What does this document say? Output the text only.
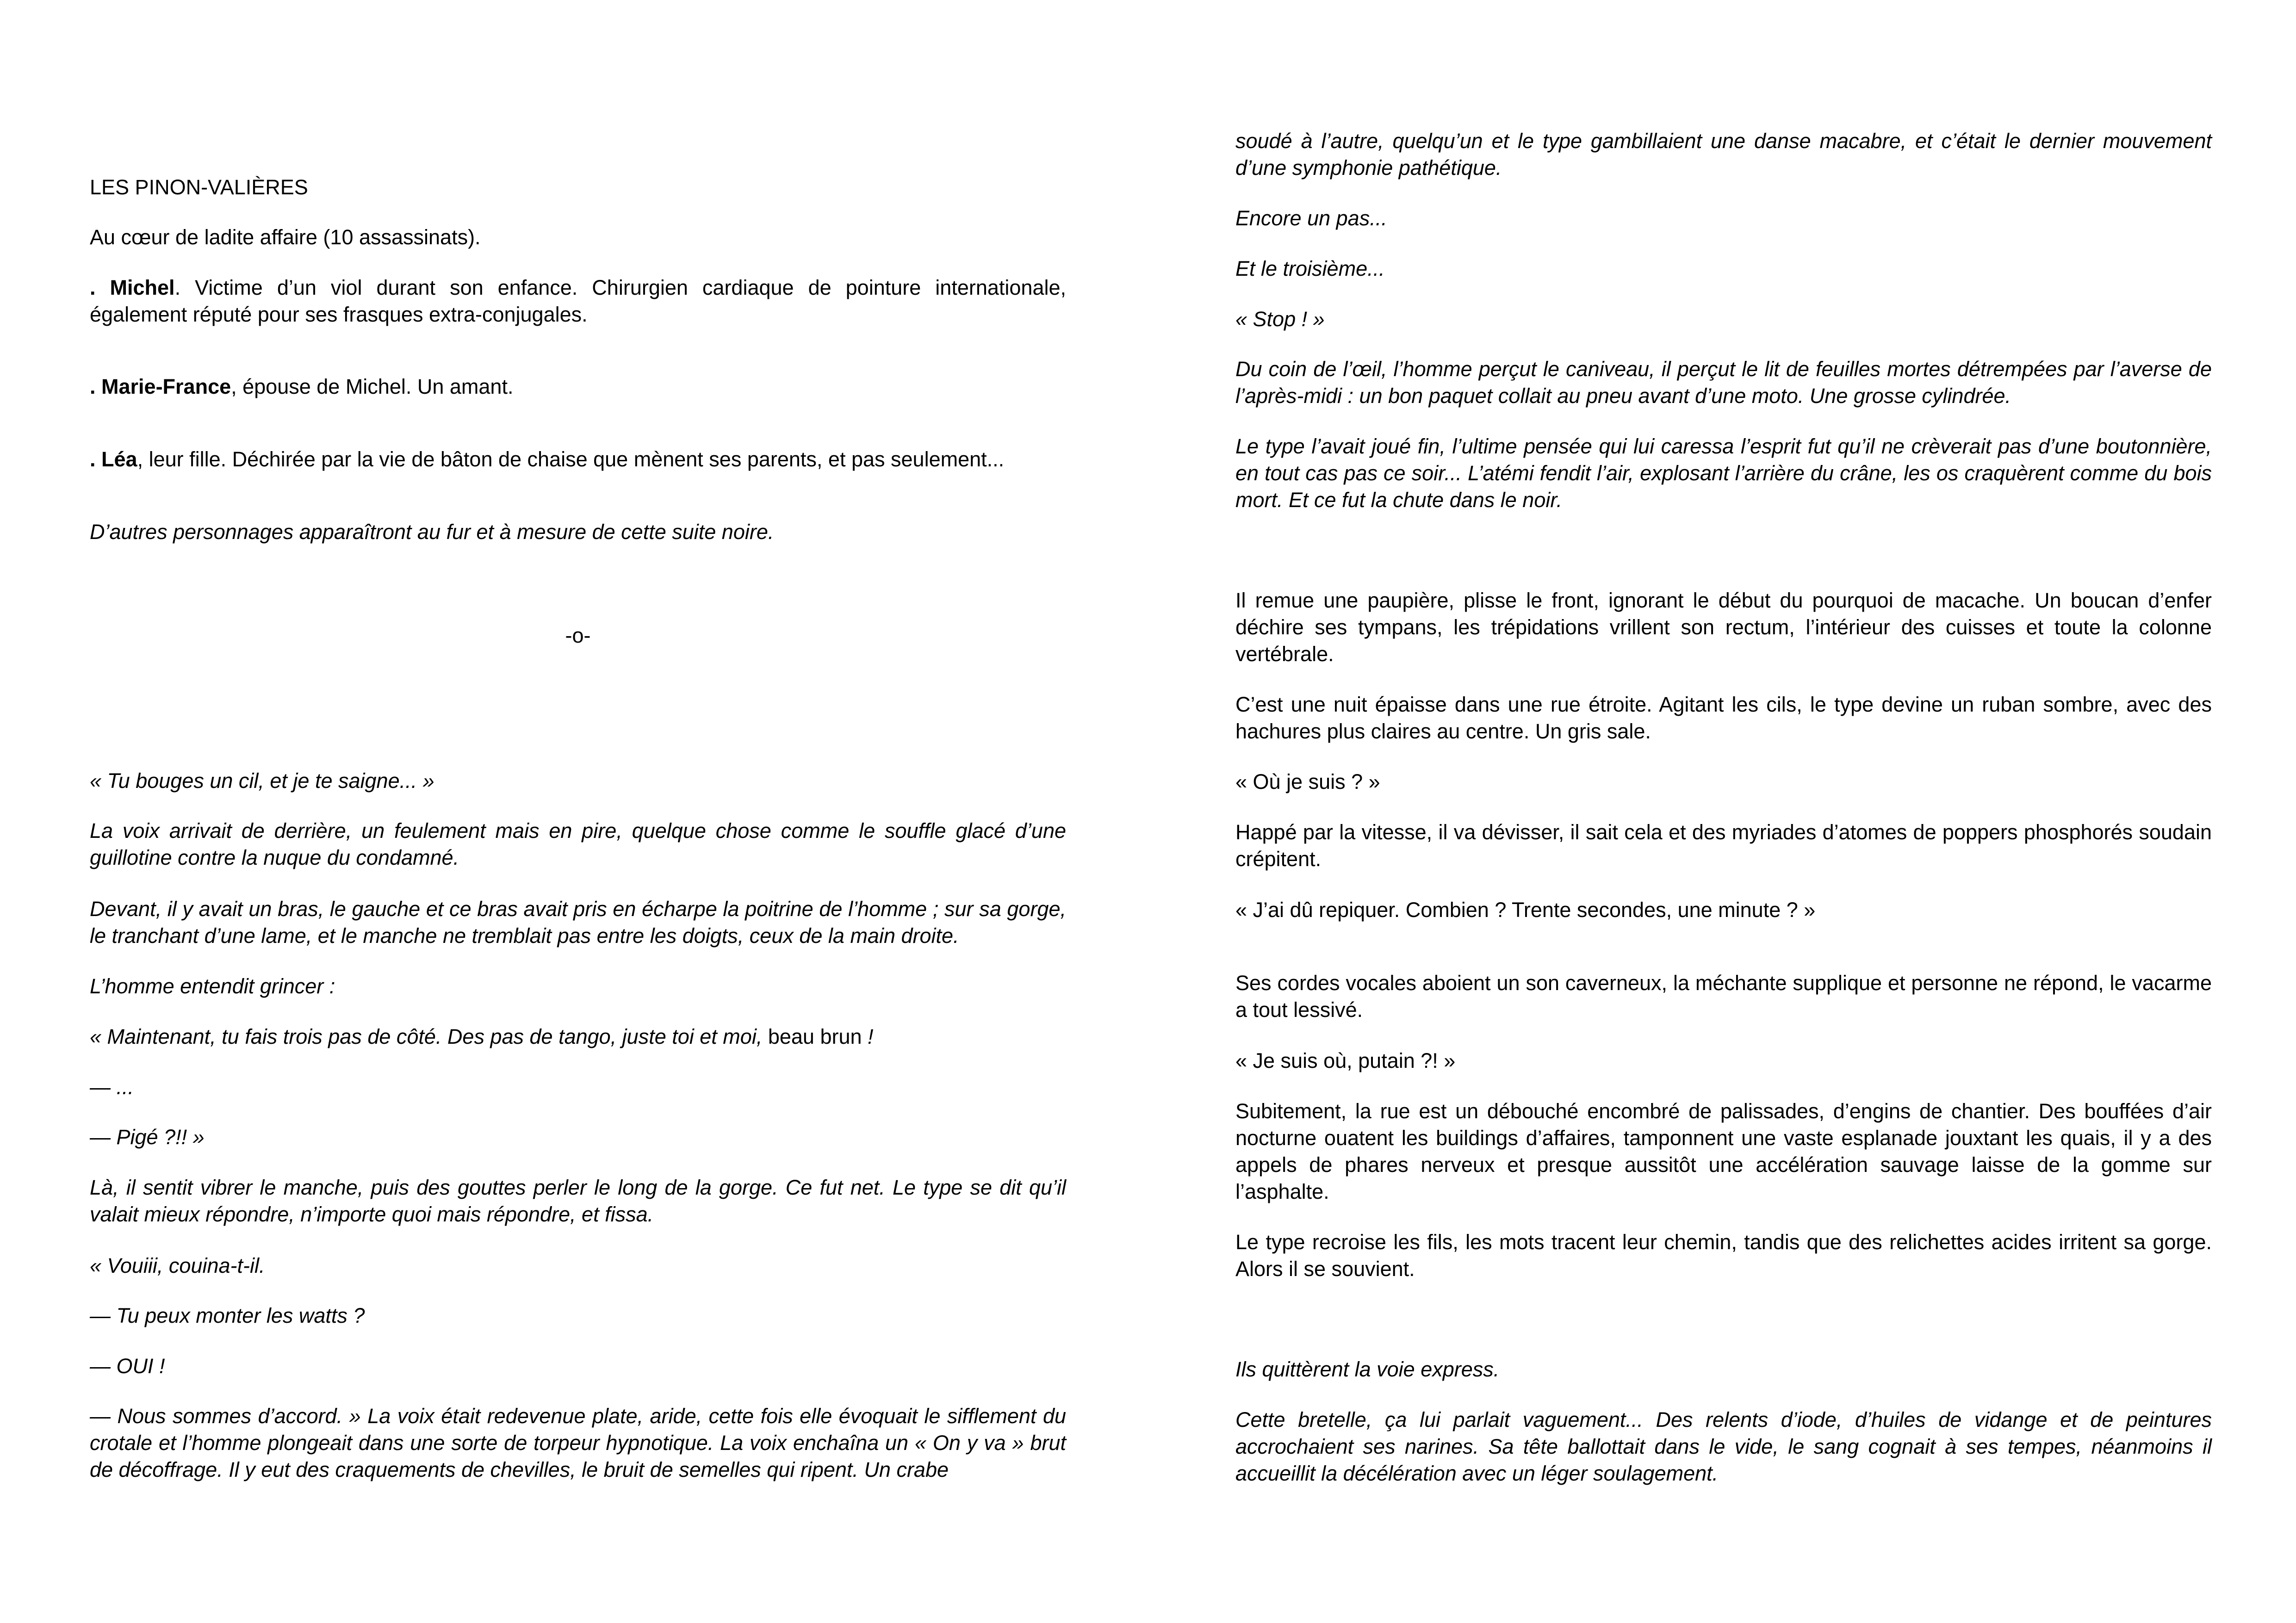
LES PINON-VALIÈRES

Au cœur de ladite affaire (10 assassinats).

. Michel. Victime d’un viol durant son enfance. Chirurgien cardiaque de pointure internationale, également réputé pour ses frasques extra-conjugales.

. Marie-France, épouse de Michel. Un amant.

. Léa, leur fille. Déchirée par la vie de bâton de chaise que mènent ses parents, et pas seulement...

D’autres personnages apparaîtront au fur et à mesure de cette suite noire.

-o-

« Tu bouges un cil, et je te saigne... »

La voix arrivait de derrière, un feulement mais en pire, quelque chose comme le souffle glacé d’une guillotine contre la nuque du condamné.

Devant, il y avait un bras, le gauche et ce bras avait pris en écharpe la poitrine de l’homme ; sur sa gorge, le tranchant d’une lame, et le manche ne tremblait pas entre les doigts, ceux de la main droite.

L’homme entendit grincer :

« Maintenant, tu fais trois pas de côté. Des pas de tango, juste toi et moi, beau brun !

— ...

— Pigé ?!! »

Là, il sentit vibrer le manche, puis des gouttes perler le long de la gorge. Ce fut net. Le type se dit qu’il valait mieux répondre, n’importe quoi mais répondre, et fissa.

« Vouiii, couina-t-il.

— Tu peux monter les watts ?

— OUI !

— Nous sommes d’accord. » La voix était redevenue plate, aride, cette fois elle évoquait le sifflement du crotale et l’homme plongeait dans une sorte de torpeur hypnotique. La voix enchaîna un « On y va » brut de décoffrage. Il y eut des craquements de chevilles, le bruit de semelles qui ripent. Un crabe

soudé à l’autre, quelqu’un et le type gambillaient une danse macabre, et c’était le dernier mouvement d’une symphonie pathétique.

Encore un pas...

Et le troisième...

« Stop ! »

Du coin de l’œil, l’homme perçut le caniveau, il perçut le lit de feuilles mortes détrempées par l’averse de l’après-midi : un bon paquet collait au pneu avant d’une moto. Une grosse cylindrée.

Le type l’avait joué fin, l’ultime pensée qui lui caressa l’esprit fut qu’il ne crèverait pas d’une boutonnière, en tout cas pas ce soir... L’atémi fendit l’air, explosant l’arrière du crâne, les os craquèrent comme du bois mort. Et ce fut la chute dans le noir.

Il remue une paupière, plisse le front, ignorant le début du pourquoi de macache. Un boucan d’enfer déchire ses tympans, les trépidations vrillent son rectum, l’intérieur des cuisses et toute la colonne vertébrale.

C’est une nuit épaisse dans une rue étroite. Agitant les cils, le type devine un ruban sombre, avec des hachures plus claires au centre. Un gris sale.

« Où je suis ? »

Happé par la vitesse, il va dévisser, il sait cela et des myriades d’atomes de poppers phosphorés soudain crépitent.

« J’ai dû repiquer. Combien ? Trente secondes, une minute ? »

Ses cordes vocales aboient un son caverneux, la méchante supplique et personne ne répond, le vacarme a tout lessivé.

« Je suis où, putain ?! »

Subitement, la rue est un débouché encombré de palissades, d’engins de chantier. Des bouffées d’air nocturne ouatent les buildings d’affaires, tamponnent une vaste esplanade jouxtant les quais, il y a des appels de phares nerveux et presque aussitôt une accélération sauvage laisse de la gomme sur l’asphalte.

Le type recroise les fils, les mots tracent leur chemin, tandis que des relichettes acides irritent sa gorge. Alors il se souvient.

Ils quittèrent la voie express.

Cette bretelle, ça lui parlait vaguement... Des relents d’iode, d’huiles de vidange et de peintures accrochaient ses narines. Sa tête ballottait dans le vide, le sang cognait à ses tempes, néanmoins il accueillit la décélération avec un léger soulagement.
